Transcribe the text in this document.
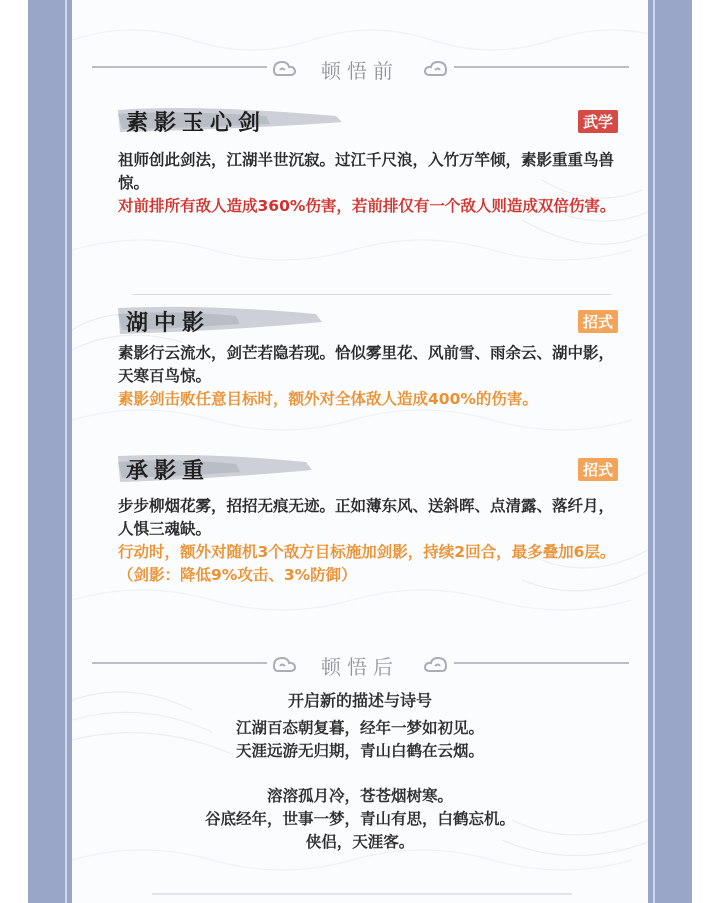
顿悟前
素影玉心剑	武学

祖师创此剑法，江湖半世沉寂。过江千尺浪，入竹万竿倾，素影重重鸟兽惊。

对前排所有敌人造成360%伤害，若前排仅有一个敌人则造成双倍伤害。

湖中影	招式

素影行云流水，剑芒若隐若现。恰似雾里花、风前雪、雨余云、湖中影，天寒百鸟惊。

素影剑击败任意目标时，额外对全体敌人造成400%的伤害。

承影重	招式

步步柳烟花雾，招招无痕无迹。正如薄东风、送斜晖、点清露、落纤月，人惧三魂缺。

行动时，额外对随机3个敌方目标施加剑影，持续2回合，最多叠加6层。（剑影：降低9%攻击、3%防御）

顿悟后

开启新的描述与诗号

江湖百态朝复暮，经年一梦如初见。

天涯远游无归期，青山白鹤在云烟。

溶溶孤月冷，苍苍烟树寒。

谷底经年，世事一梦，青山有思，白鹤忘机。

侠侣，天涯客。
